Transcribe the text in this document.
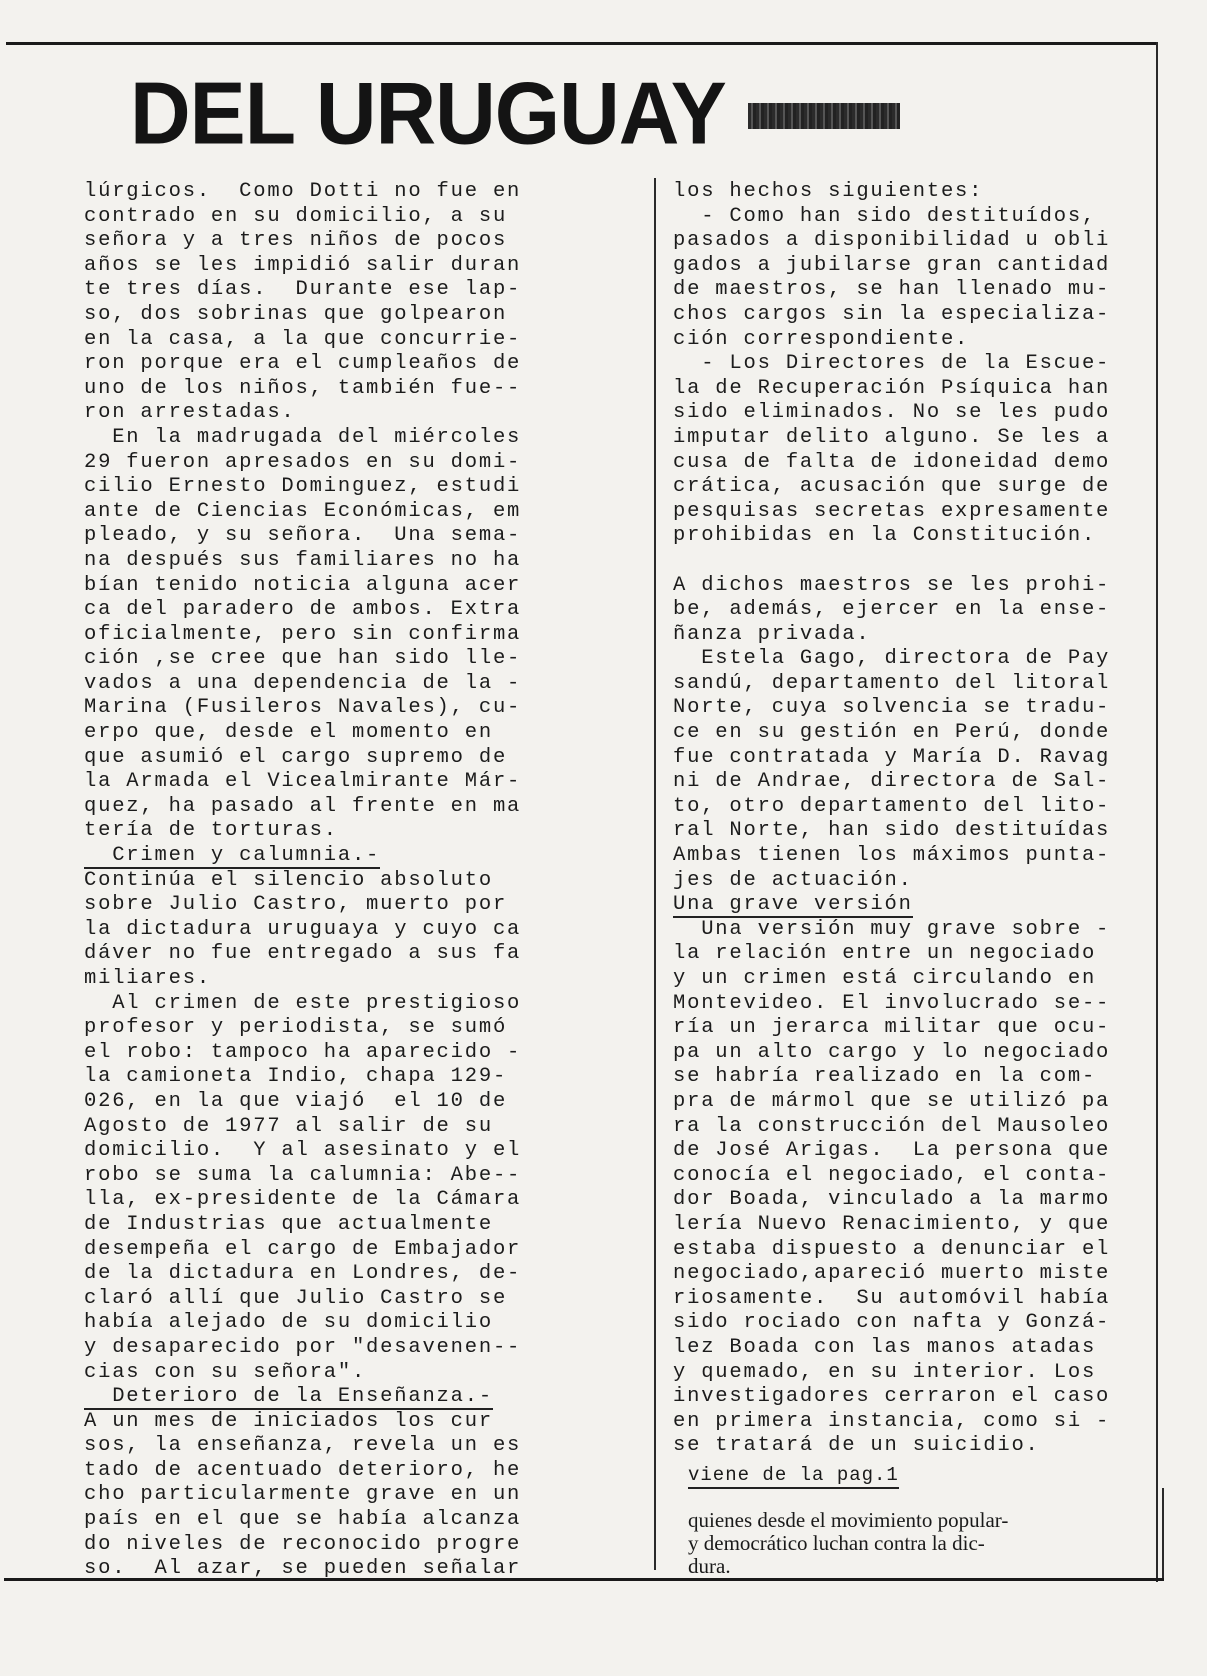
DEL URUGUAY
lúrgicos.  Como Dotti no fue en
contrado en su domicilio, a su
señora y a tres niños de pocos
años se les impidió salir duran
te tres días.  Durante ese lap-
so, dos sobrinas que golpearon
en la casa, a la que concurrie-
ron porque era el cumpleaños de
uno de los niños, también fue--
ron arrestadas.
En la madrugada del miércoles
29 fueron apresados en su domi-
cilio Ernesto Dominguez, estudi
ante de Ciencias Económicas, em
pleado, y su señora.  Una sema-
na después sus familiares no ha
bían tenido noticia alguna acer
ca del paradero de ambos. Extra
oficialmente, pero sin confirma
ción ,se cree que han sido lle-
vados a una dependencia de la -
Marina (Fusileros Navales), cu-
erpo que, desde el momento en
que asumió el cargo supremo de
la Armada el Vicealmirante Már-
quez, ha pasado al frente en ma
tería de torturas.
Crimen y calumnia.-
Continúa el silencio absoluto
sobre Julio Castro, muerto por
la dictadura uruguaya y cuyo ca
dáver no fue entregado a sus fa
miliares.
Al crimen de este prestigioso
profesor y periodista, se sumó
el robo: tampoco ha aparecido -
la camioneta Indio, chapa 129-
026, en la que viajó  el 10 de
Agosto de 1977 al salir de su
domicilio.  Y al asesinato y el
robo se suma la calumnia: Abe--
lla, ex-presidente de la Cámara
de Industrias que actualmente
desempeña el cargo de Embajador
de la dictadura en Londres, de-
claró allí que Julio Castro se
había alejado de su domicilio
y desaparecido por "desavenen--
cias con su señora".
Deterioro de la Enseñanza.-
A un mes de iniciados los cur
sos, la enseñanza, revela un es
tado de acentuado deterioro, he
cho particularmente grave en un
país en el que se había alcanza
do niveles de reconocido progre
so.  Al azar, se pueden señalar
los hechos siguientes:
- Como han sido destituídos,
pasados a disponibilidad u obli
gados a jubilarse gran cantidad
de maestros, se han llenado mu-
chos cargos sin la especializa-
ción correspondiente.
- Los Directores de la Escue-
la de Recuperación Psíquica han
sido eliminados. No se les pudo
imputar delito alguno. Se les a
cusa de falta de idoneidad demo
crática, acusación que surge de
pesquisas secretas expresamente
prohibidas en la Constitución.
A dichos maestros se les prohi-
be, además, ejercer en la ense-
ñanza privada.
Estela Gago, directora de Pay
sandú, departamento del litoral
Norte, cuya solvencia se tradu-
ce en su gestión en Perú, donde
fue contratada y María D. Ravag
ni de Andrae, directora de Sal-
to, otro departamento del lito-
ral Norte, han sido destituídas
Ambas tienen los máximos punta-
jes de actuación.
Una grave versión
Una versión muy grave sobre -
la relación entre un negociado
y un crimen está circulando en
Montevideo. El involucrado se--
ría un jerarca militar que ocu-
pa un alto cargo y lo negociado
se habría realizado en la com-
pra de mármol que se utilizó pa
ra la construcción del Mausoleo
de José Arigas.  La persona que
conocía el negociado, el conta-
dor Boada, vinculado a la marmo
lería Nuevo Renacimiento, y que
estaba dispuesto a denunciar el
negociado,apareció muerto miste
riosamente.  Su automóvil había
sido rociado con nafta y Gonzá-
lez Boada con las manos atadas
y quemado, en su interior. Los
investigadores cerraron el caso
en primera instancia, como si -
se tratará de un suicidio.
viene de la pag.1
quienes desde el movimiento popular-
y democrático luchan contra la dic-
dura.
